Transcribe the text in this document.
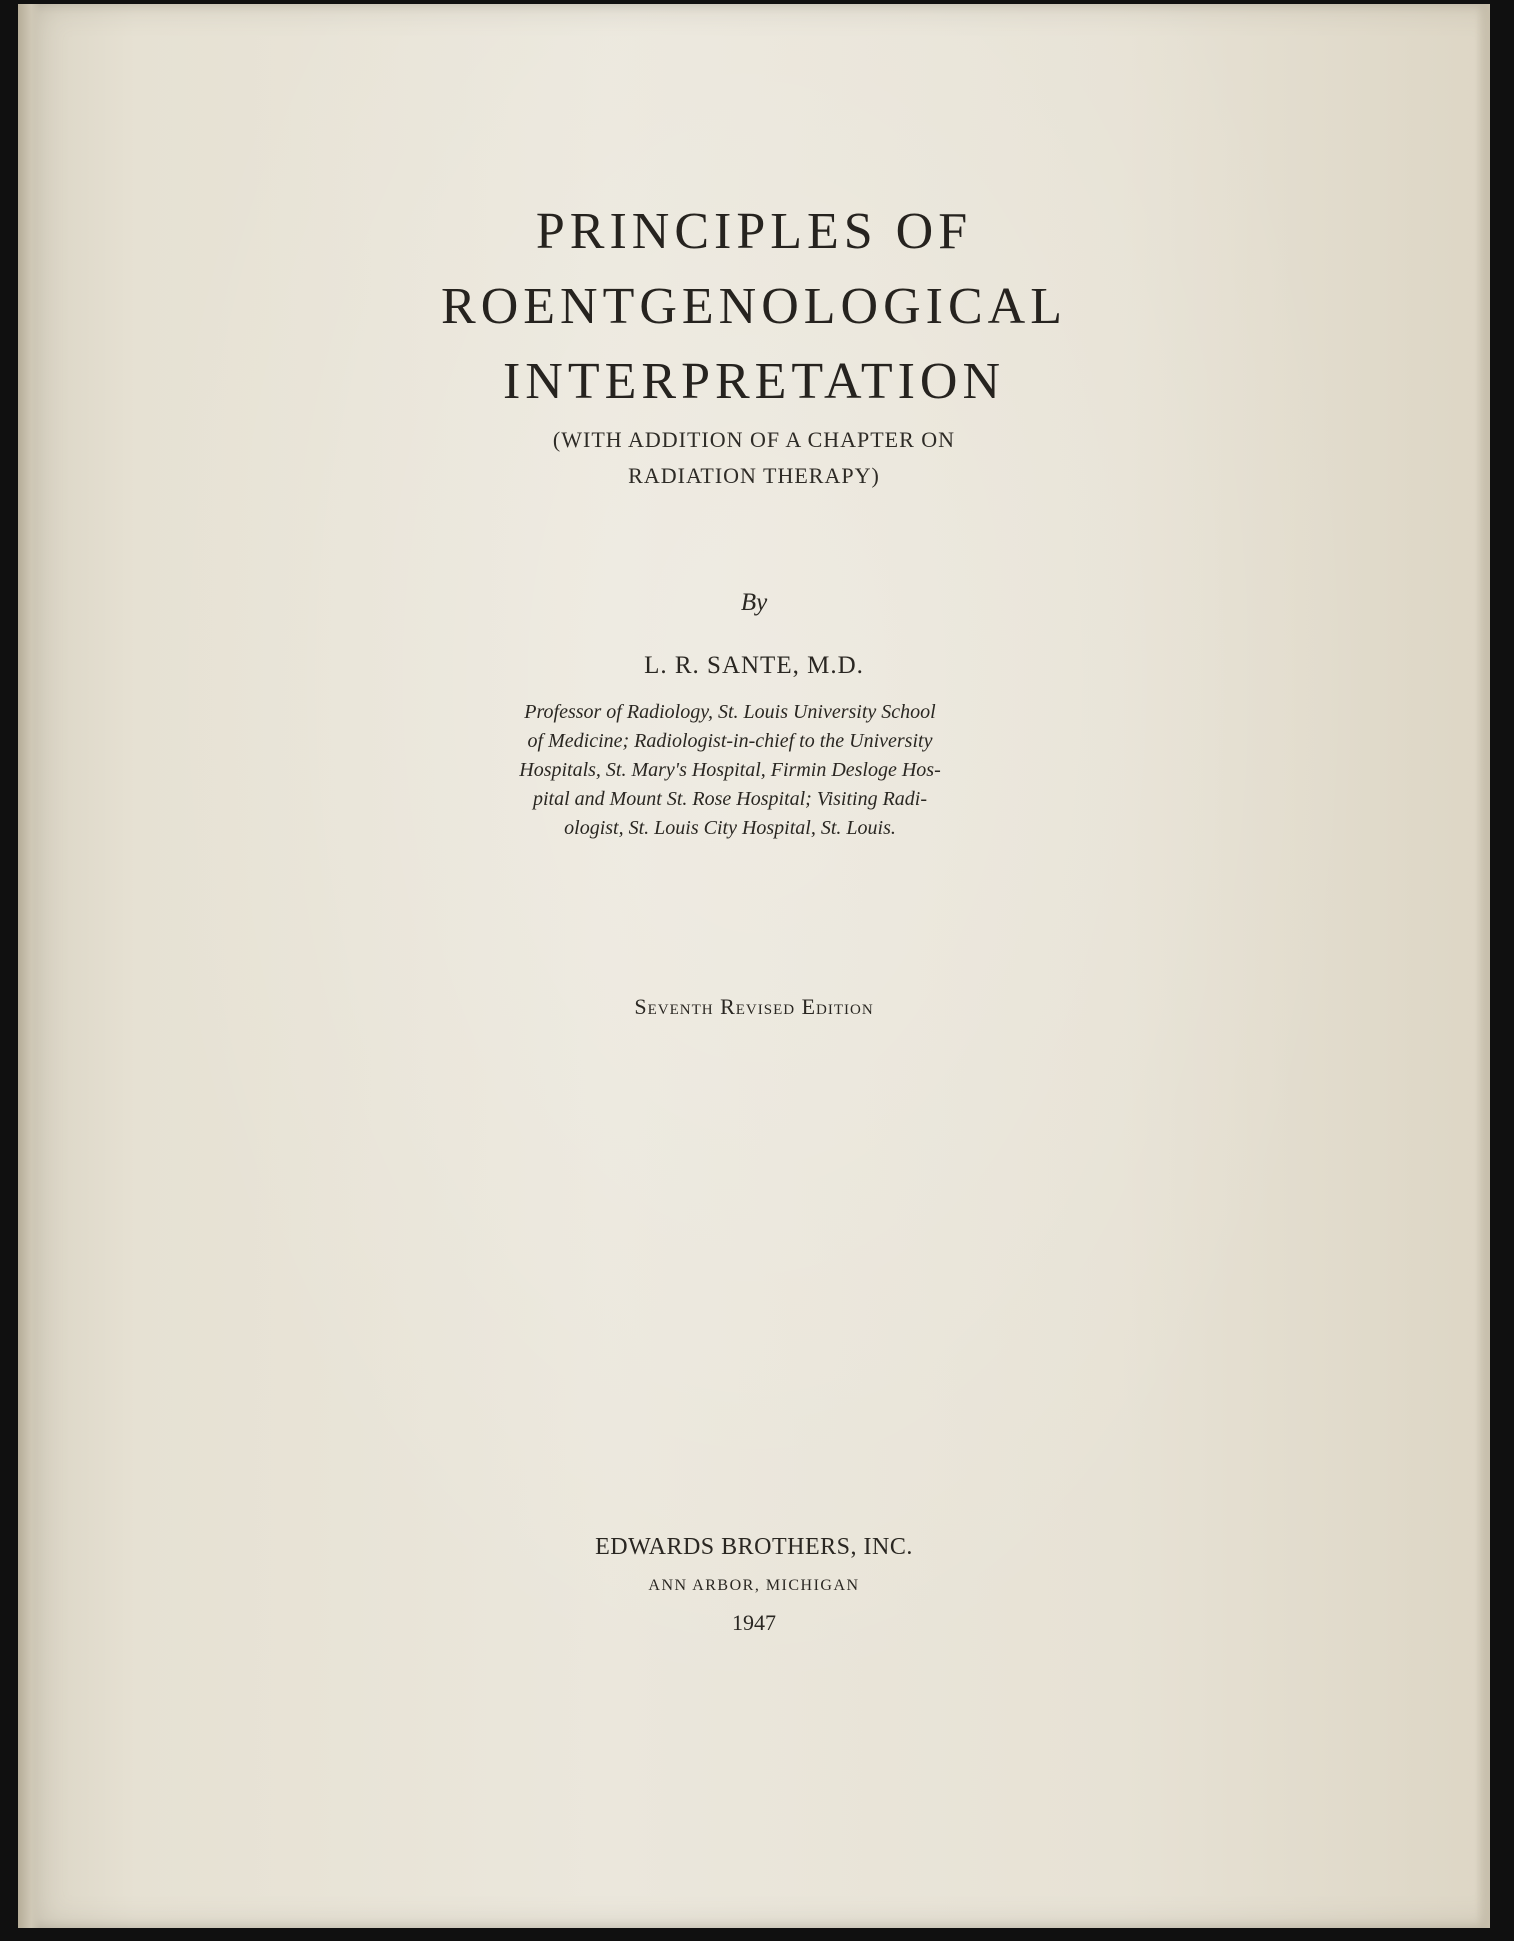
PRINCIPLES OF
ROENTGENOLOGICAL
INTERPRETATION
(WITH ADDITION OF A CHAPTER ON
RADIATION THERAPY)
By
L. R. SANTE, M.D.
Professor of Radiology, St. Louis University School
of Medicine; Radiologist-in-chief to the University
Hospitals, St. Mary's Hospital, Firmin Desloge Hos-
pital and Mount St. Rose Hospital; Visiting Radi-
ologist, St. Louis City Hospital, St. Louis.
Seventh Revised Edition
EDWARDS BROTHERS, INC.
ANN ARBOR, MICHIGAN
1947
